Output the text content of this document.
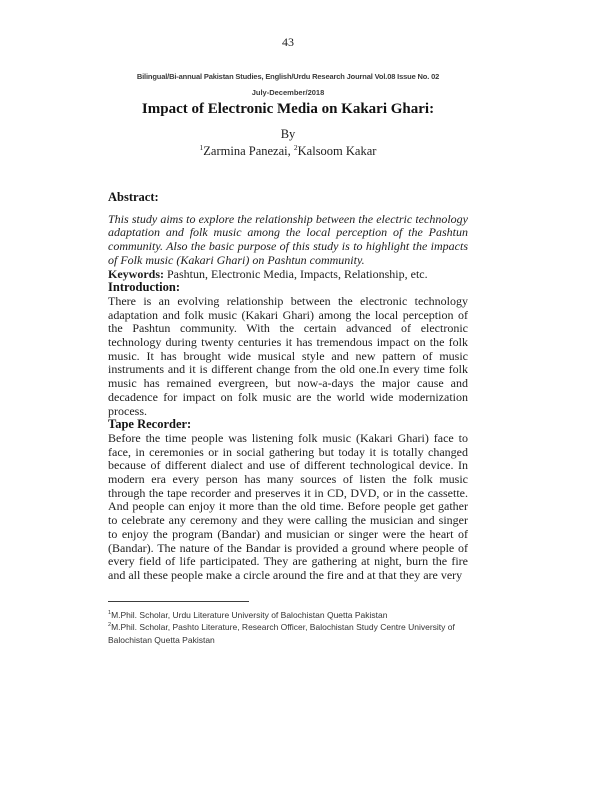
43
Bilingual/Bi-annual Pakistan Studies, English/Urdu Research Journal Vol.08 Issue No. 02
July-December/2018
Impact of Electronic Media on Kakari Ghari:
By
$^1$Zarmina Panezai, $^2$Kalsoom Kakar
Abstract:

This study aims to explore the relationship between the electric technology adaptation and folk music among the local perception of the Pashtun community. Also the basic purpose of this study is to highlight the impacts of Folk music (Kakari Ghari) on Pashtun community.

Keywords: Pashtun, Electronic Media, Impacts, Relationship, etc.

Introduction:

There is an evolving relationship between the electronic technology adaptation and folk music (Kakari Ghari) among the local perception of the Pashtun community. With the certain advanced of electronic technology during twenty centuries it has tremendous impact on the folk music. It has brought wide musical style and new pattern of music instruments and it is different change from the old one.In every time folk music has remained evergreen, but now-a-days the major cause and decadence for impact on folk music are the world wide modernization process.

Tape Recorder:

Before the time people was listening folk music (Kakari Ghari) face to face, in ceremonies or in social gathering but today it is totally changed because of different dialect and use of different technological device. In modern era every person has many sources of listen the folk music through the tape recorder and preserves it in CD, DVD, or in the cassette. And people can enjoy it more than the old time. Before people get gather to celebrate any ceremony and they were calling the musician and singer to enjoy the program (Bandar) and musician or singer were the heart of (Bandar). The nature of the Bandar is provided a ground where people of every field of life participated. They are gathering at night, burn the fire and all these people make a circle around the fire and at that they are very

$^1$M.Phil. Scholar, Urdu Literature University of Balochistan Quetta Pakistan

$^2$M.Phil. Scholar, Pashto Literature, Research Officer, Balochistan Study Centre University of Balochistan Quetta Pakistan
